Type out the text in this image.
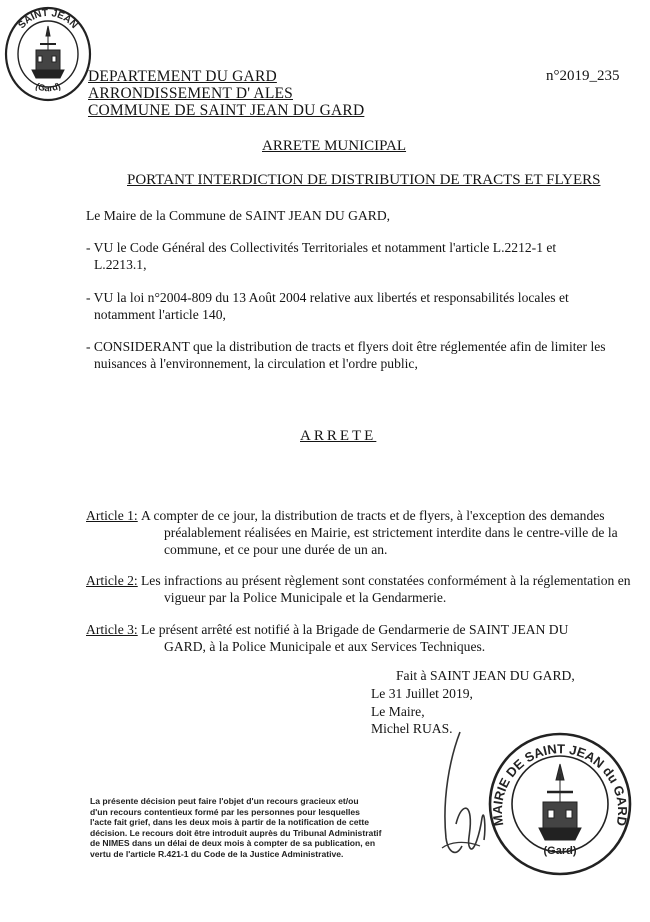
SAINT JEAN
(Gard)
DEPARTEMENT DU GARD
ARRONDISSEMENT D' ALES
COMMUNE DE SAINT JEAN DU GARD
n°2019_235
ARRETE MUNICIPAL
PORTANT INTERDICTION DE DISTRIBUTION DE TRACTS ET FLYERS
Le Maire de la Commune de SAINT JEAN DU GARD,
- VU le Code Général des Collectivités Territoriales et notamment l'article L.2212-1 et
L.2213.1,
- VU la loi n°2004-809 du 13 Août 2004 relative aux libertés et responsabilités locales et
notamment l'article 140,
- CONSIDERANT que la distribution de tracts et flyers doit être réglementée afin de limiter les
nuisances à l'environnement, la circulation et l'ordre public,
ARRETE
Article 1: A compter de ce jour, la distribution de tracts et de flyers, à l'exception des demandes
préalablement réalisées en Mairie, est strictement interdite dans le centre-ville de la
commune, et ce pour une durée de un an.
Article 2: Les infractions au présent règlement sont constatées conformément à la réglementation en
vigueur par la Police Municipale et la Gendarmerie.
Article 3: Le présent arrêté est notifié à la Brigade de Gendarmerie de SAINT JEAN DU
GARD, à la Police Municipale et aux Services Techniques.
Fait à SAINT JEAN DU GARD,
Le 31 Juillet 2019,
Le Maire,
Michel RUAS.
MAIRIE DE SAINT JEAN du GARD
(Gard)
La présente décision peut faire l'objet d'un recours gracieux et/ou
d'un recours contentieux formé par les personnes pour lesquelles
l'acte fait grief, dans les deux mois à partir de la notification de cette
décision. Le recours doit être introduit auprès du Tribunal Administratif
de NIMES dans un délai de deux mois à compter de sa publication, en
vertu de l'article R.421-1 du Code de la Justice Administrative.
